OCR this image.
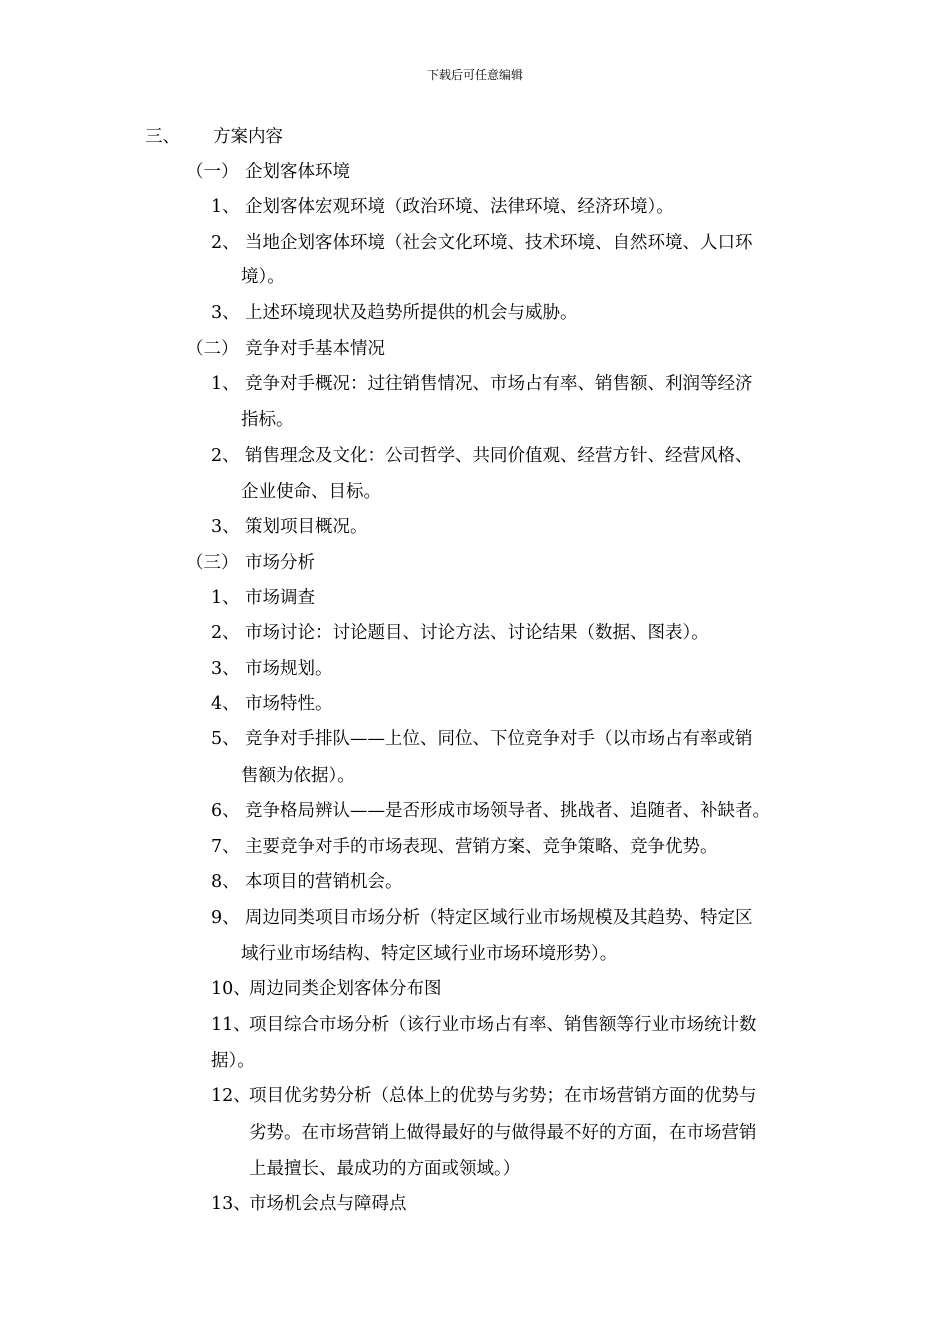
下载后可任意编辑
三、 方案内容
（一） 企划客体环境
1、 企划客体宏观环境（政治环境、法律环境、经济环境）。
2、 当地企划客体环境（社会文化环境、技术环境、自然环境、人口环
境）。
3、 上述环境现状及趋势所提供的机会与威胁。
（二） 竞争对手基本情况
1、 竞争对手概况：过往销售情况、市场占有率、销售额、利润等经济
指标。
2、 销售理念及文化：公司哲学、共同价值观、经营方针、经营风格、
企业使命、目标。
3、 策划项目概况。
（三） 市场分析
1、 市场调查
2、 市场讨论：讨论题目、讨论方法、讨论结果（数据、图表）。
3、 市场规划。
4、 市场特性。
5、 竞争对手排队——上位、同位、下位竞争对手（以市场占有率或销
售额为依据）。
6、 竞争格局辨认——是否形成市场领导者、挑战者、追随者、补缺者。
7、 主要竞争对手的市场表现、营销方案、竞争策略、竞争优势。
8、 本项目的营销机会。
9、 周边同类项目市场分析（特定区域行业市场规模及其趋势、特定区
域行业市场结构、特定区域行业市场环境形势）。
10、周边同类企划客体分布图
11、项目综合市场分析（该行业市场占有率、销售额等行业市场统计数
据）。
12、项目优劣势分析（总体上的优势与劣势；在市场营销方面的优势与
劣势。在市场营销上做得最好的与做得最不好的方面，在市场营销
上最擅长、最成功的方面或领域。）
13、市场机会点与障碍点
